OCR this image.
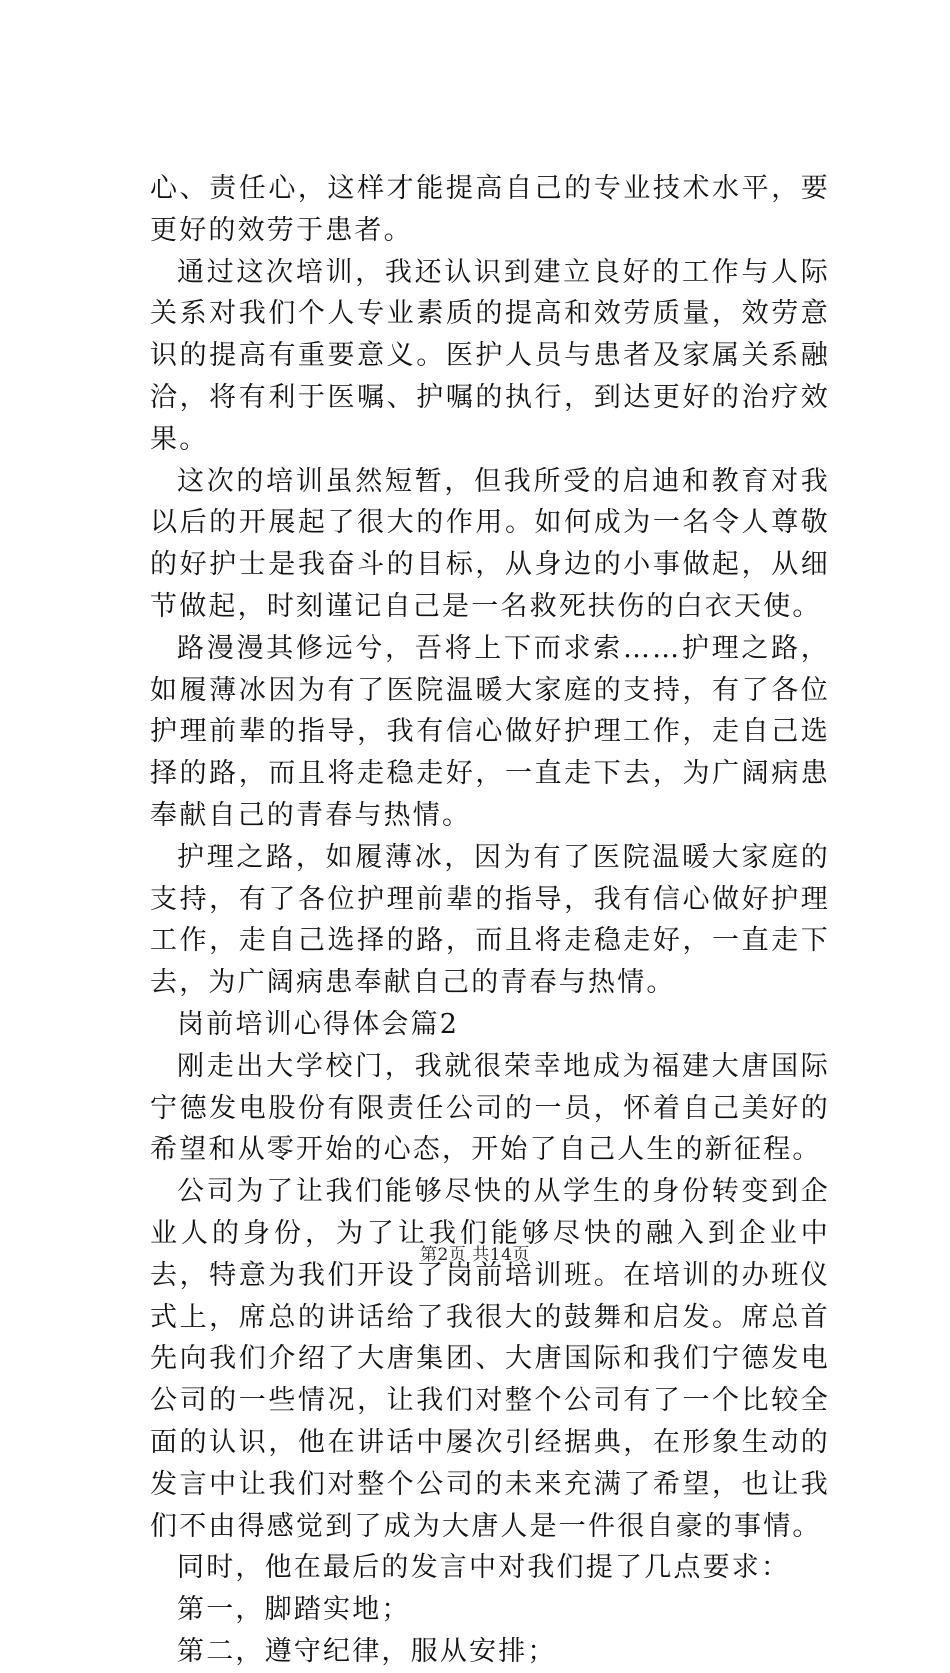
心、责任心，这样才能提高自己的专业技术水平，要更好的效劳于患者。

通过这次培训，我还认识到建立良好的工作与人际关系对我们个人专业素质的提高和效劳质量，效劳意识的提高有重要意义。医护人员与患者及家属关系融洽，将有利于医嘱、护嘱的执行，到达更好的治疗效果。

这次的培训虽然短暂，但我所受的启迪和教育对我以后的开展起了很大的作用。如何成为一名令人尊敬的好护士是我奋斗的目标，从身边的小事做起，从细节做起，时刻谨记自己是一名救死扶伤的白衣天使。

路漫漫其修远兮，吾将上下而求索……护理之路，如履薄冰因为有了医院温暖大家庭的支持，有了各位护理前辈的指导，我有信心做好护理工作，走自己选择的路，而且将走稳走好，一直走下去，为广阔病患奉献自己的青春与热情。

护理之路，如履薄冰，因为有了医院温暖大家庭的支持，有了各位护理前辈的指导，我有信心做好护理工作，走自己选择的路，而且将走稳走好，一直走下去，为广阔病患奉献自己的青春与热情。

岗前培训心得体会篇2

刚走出大学校门，我就很荣幸地成为福建大唐国际宁德发电股份有限责任公司的一员，怀着自己美好的希望和从零开始的心态，开始了自己人生的新征程。

公司为了让我们能够尽快的从学生的身份转变到企业人的身份，为了让我们能够尽快的融入到企业中去，特意为我们开设了岗前培训班。在培训的办班仪式上，席总的讲话给了我很大的鼓舞和启发。席总首先向我们介绍了大唐集团、大唐国际和我们宁德发电公司的一些情况，让我们对整个公司有了一个比较全面的认识，他在讲话中屡次引经据典，在形象生动的发言中让我们对整个公司的未来充满了希望，也让我们不由得感觉到了成为大唐人是一件很自豪的事情。

同时，他在最后的发言中对我们提了几点要求：

第一，脚踏实地；

第二，遵守纪律，服从安排；

第2页 共14页
